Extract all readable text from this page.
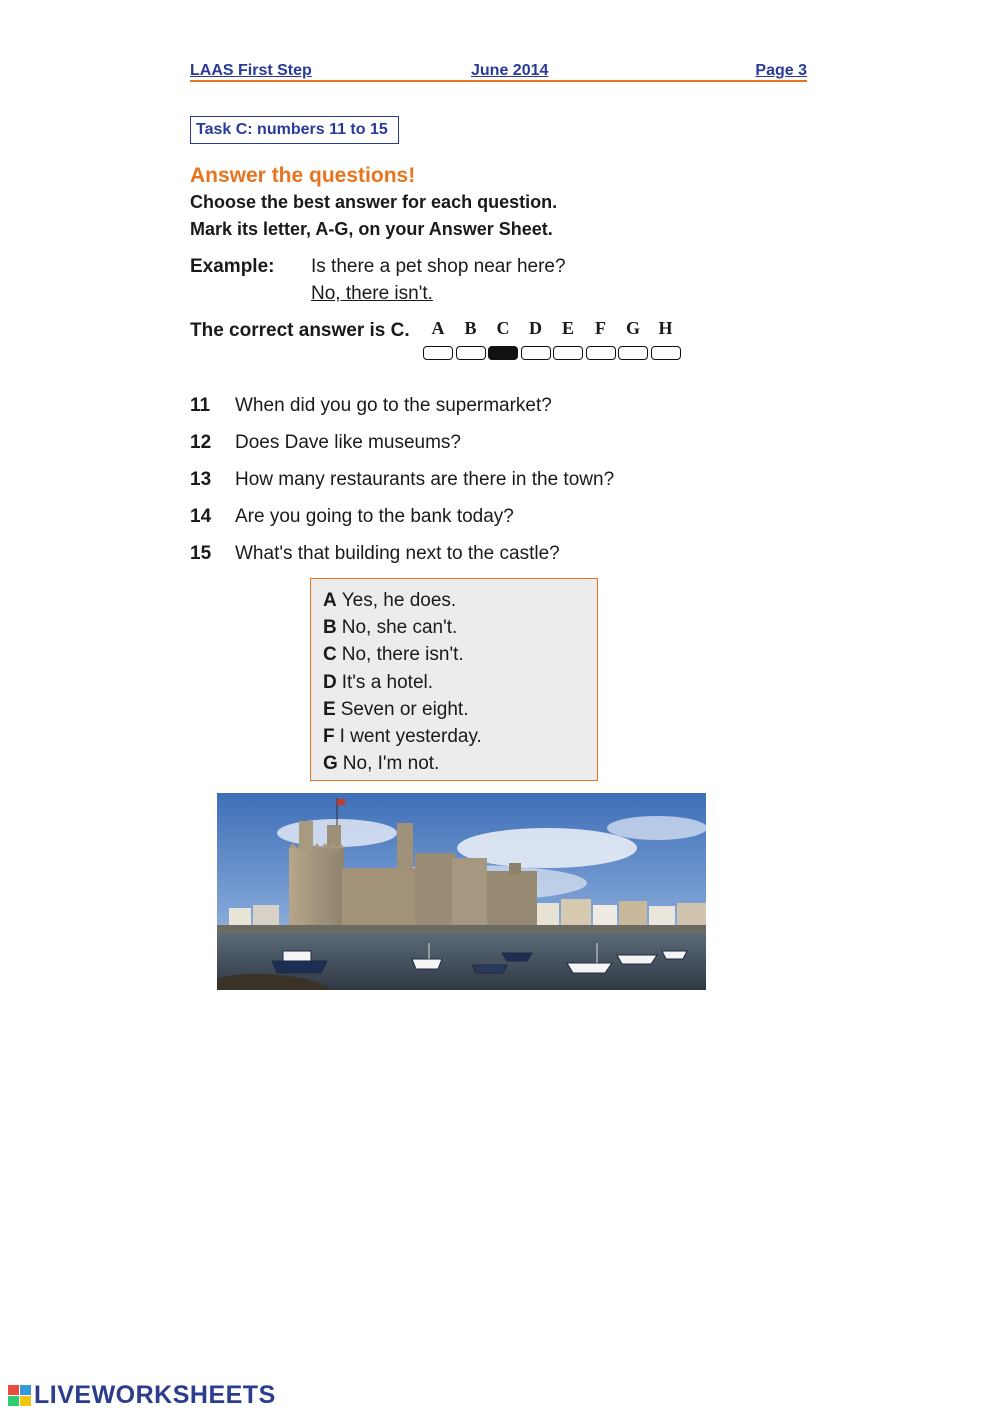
LAAS First Step	June 2014	Page 3
Task C: numbers 11 to 15
Answer the questions!
Choose the best answer for each question.
Mark its letter, A-G, on your Answer Sheet.
Example: Is there a pet shop near here?
No, there isn't.
The correct answer is C.	A	B	C	D	E	F	G	H
11 When did you go to the supermarket?
12 Does Dave like museums?
13 How many restaurants are there in the town?
14 Are you going to the bank today?
15 What's that building next to the castle?
A Yes, he does.
B No, she can't.
C No, there isn't.
D It's a hotel.
E Seven or eight.
F I went yesterday.
G No, I'm not.
LIVEWORKSHEETS
